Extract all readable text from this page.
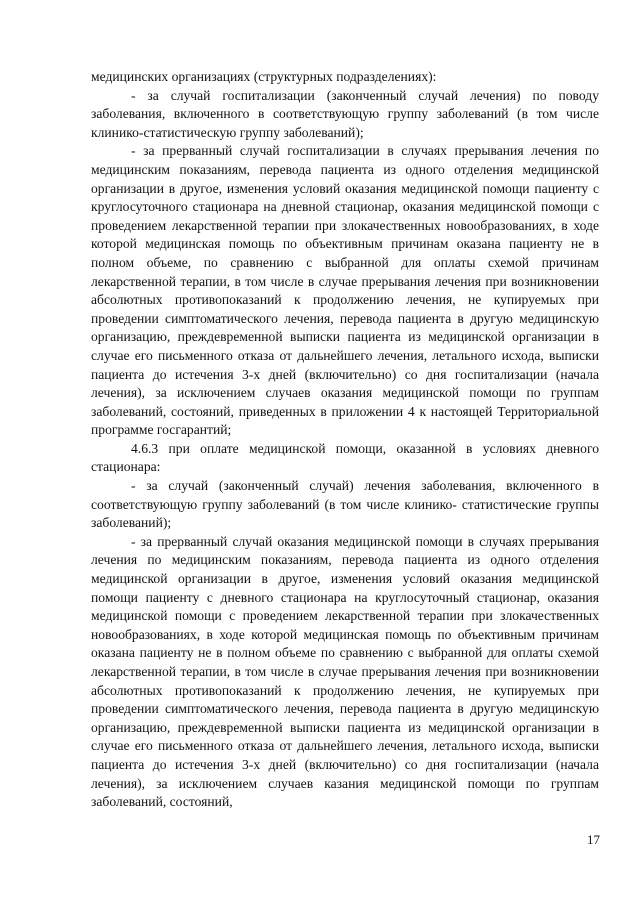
медицинских организациях (структурных подразделениях):

- за случай госпитализации (законченный случай лечения) по поводу заболевания, включенного в соответствующую группу заболеваний (в том числе клинико-статистическую группу заболеваний);

- за прерванный случай госпитализации в случаях прерывания лечения по медицинским показаниям, перевода пациента из одного отделения медицинской организации в другое, изменения условий оказания медицинской помощи пациенту с круглосуточного стационара на дневной стационар, оказания медицинской помощи с проведением лекарственной терапии при злокачественных новообразованиях, в ходе которой медицинская помощь по объективным причинам оказана пациенту не в полном объеме, по сравнению с выбранной для оплаты схемой причинам лекарственной терапии, в том числе в случае прерывания лечения при возникновении абсолютных противопоказаний к продолжению лечения, не купируемых при проведении симптоматического лечения, перевода пациента в другую медицинскую организацию, преждевременной выписки пациента из медицинской организации в случае его письменного отказа от дальнейшего лечения, летального исхода, выписки пациента до истечения 3-х дней (включительно) со дня госпитализации (начала лечения), за исключением случаев оказания медицинской помощи по группам заболеваний, состояний, приведенных в приложении 4 к настоящей Территориальной программе госгарантий;

4.6.3 при оплате медицинской помощи, оказанной в условиях дневного стационара:

- за случай (законченный случай) лечения заболевания, включенного в соответствующую группу заболеваний (в том числе клинико- статистические группы заболеваний);

- за прерванный случай оказания медицинской помощи в случаях прерывания лечения по медицинским показаниям, перевода пациента из одного отделения медицинской организации в другое, изменения условий оказания медицинской помощи пациенту с дневного стационара на круглосуточный стационар, оказания медицинской помощи с проведением лекарственной терапии при злокачественных новообразованиях, в ходе которой медицинская помощь по объективным причинам оказана пациенту не в полном объеме по сравнению с выбранной для оплаты схемой лекарственной терапии, в том числе в случае прерывания лечения при возникновении абсолютных противопоказаний к продолжению лечения, не купируемых при проведении симптоматического лечения, перевода пациента в другую медицинскую организацию, преждевременной выписки пациента из медицинской организации в случае его письменного отказа от дальнейшего лечения, летального исхода, выписки пациента до истечения 3-х дней (включительно) со дня госпитализации (начала лечения), за исключением случаев казания медицинской помощи по группам заболеваний, состояний,

17
